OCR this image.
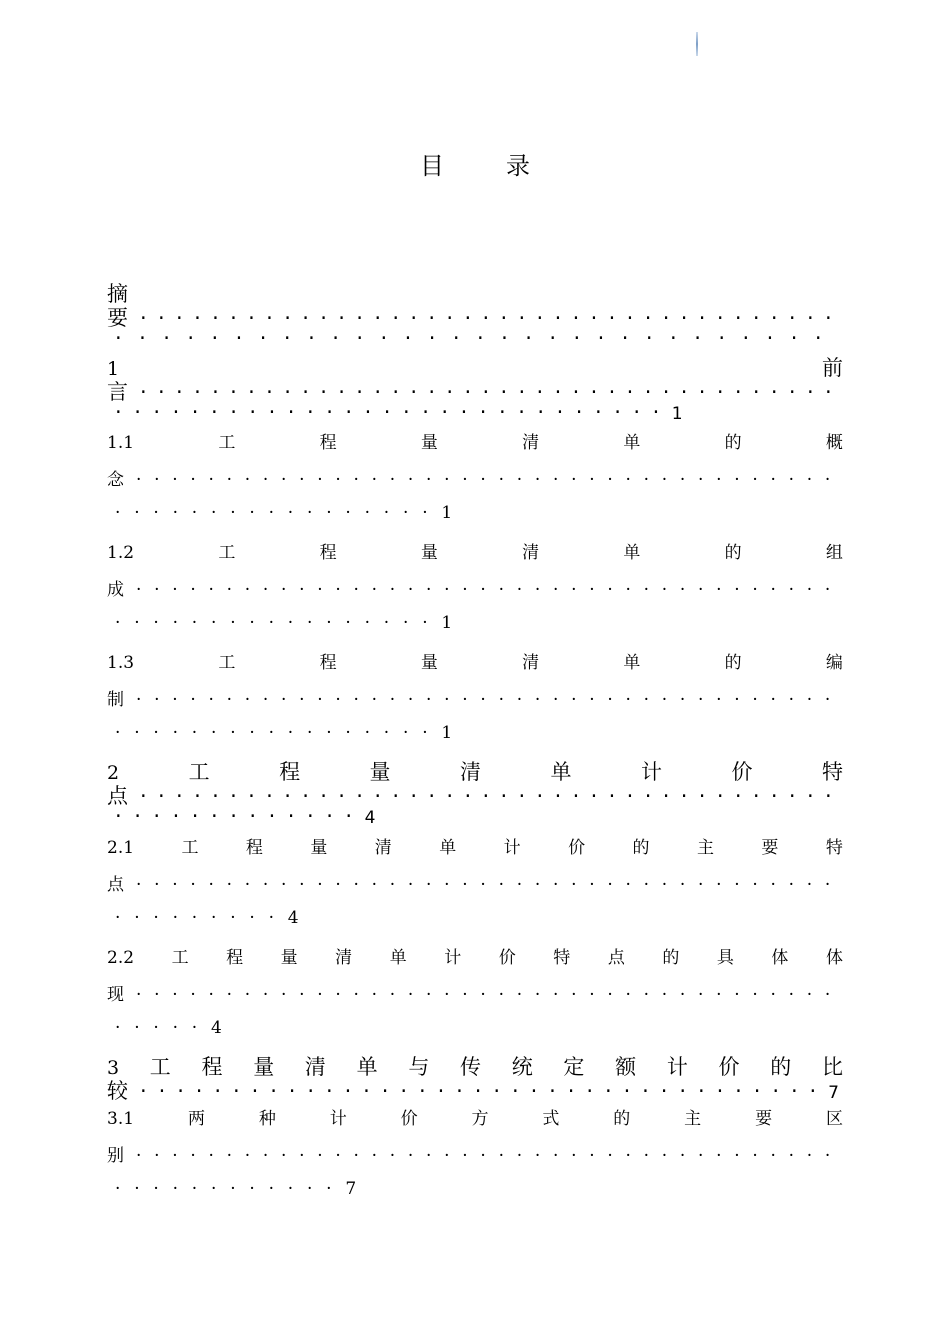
目	录
摘
要 ·······································
······························
1	前
言 ·······································
·····························1
1.1	工	程	量	清	单	的	概
念 ·······································
·················1
1.2	工	程	量	清	单	的	组
成 ·······································
·················1
1.3	工	程	量	清	单	的	编
制 ·······································
·················1
2	工	程	量	清	单	计	价	特
点 ·······································
·············4
2.1	工	程	量	清	单	计	价	的	主	要	特
点 ·······································
·········4
2.2 工 程 量 清 单 计 价 特 点 的 具 体 体
现 ·······································
·····4
3 工 程 量 清 单 与 传 统 定 额 计 价 的 比
较 ·····································7
3.1	两	种	计	价	方	式	的	主	要	区
别 ·······································
············7
